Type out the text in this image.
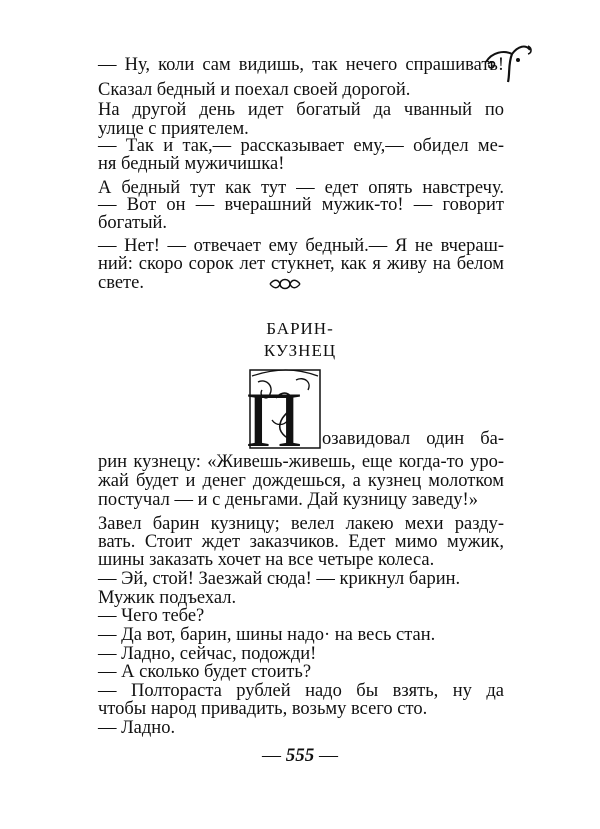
— Ну, коли сам видишь, так нечего спрашивать!
Сказал бедный и поехал своей дорогой.
На другой день идет богатый да чванный по
улице с приятелем.
— Так и так,— рассказывает ему,— обидел ме-
ня бедный мужичишка!
А бедный тут как тут — едет опять навстречу.
— Вот он — вчерашний мужик-то! — говорит
богатый.
— Нет! — отвечает ему бедный.— Я не вчераш-
ний: скоро сорок лет стукнет, как я живу на белом
свете.
БАРИН-
КУЗНЕЦ
П озавидовал один ба-
рин кузнецу: «Живешь-живешь, еще когда-то уро-
жай будет и денег дождешься, а кузнец молотком
постучал — и с деньгами. Дай кузницу заведу!»
Завел барин кузницу; велел лакею мехи разду-
вать. Стоит ждет заказчиков. Едет мимо мужик,
шины заказать хочет на все четыре колеса.
— Эй, стой! Заезжай сюда! — крикнул барин.
Мужик подъехал.
— Чего тебе?
— Да вот, барин, шины надо· на весь стан.
— Ладно, сейчас, подожди!
— А сколько будет стоить?
— Полтораста рублей надо бы взять, ну да
чтобы народ привадить, возьму всего сто.
— Ладно.
— 555 —
